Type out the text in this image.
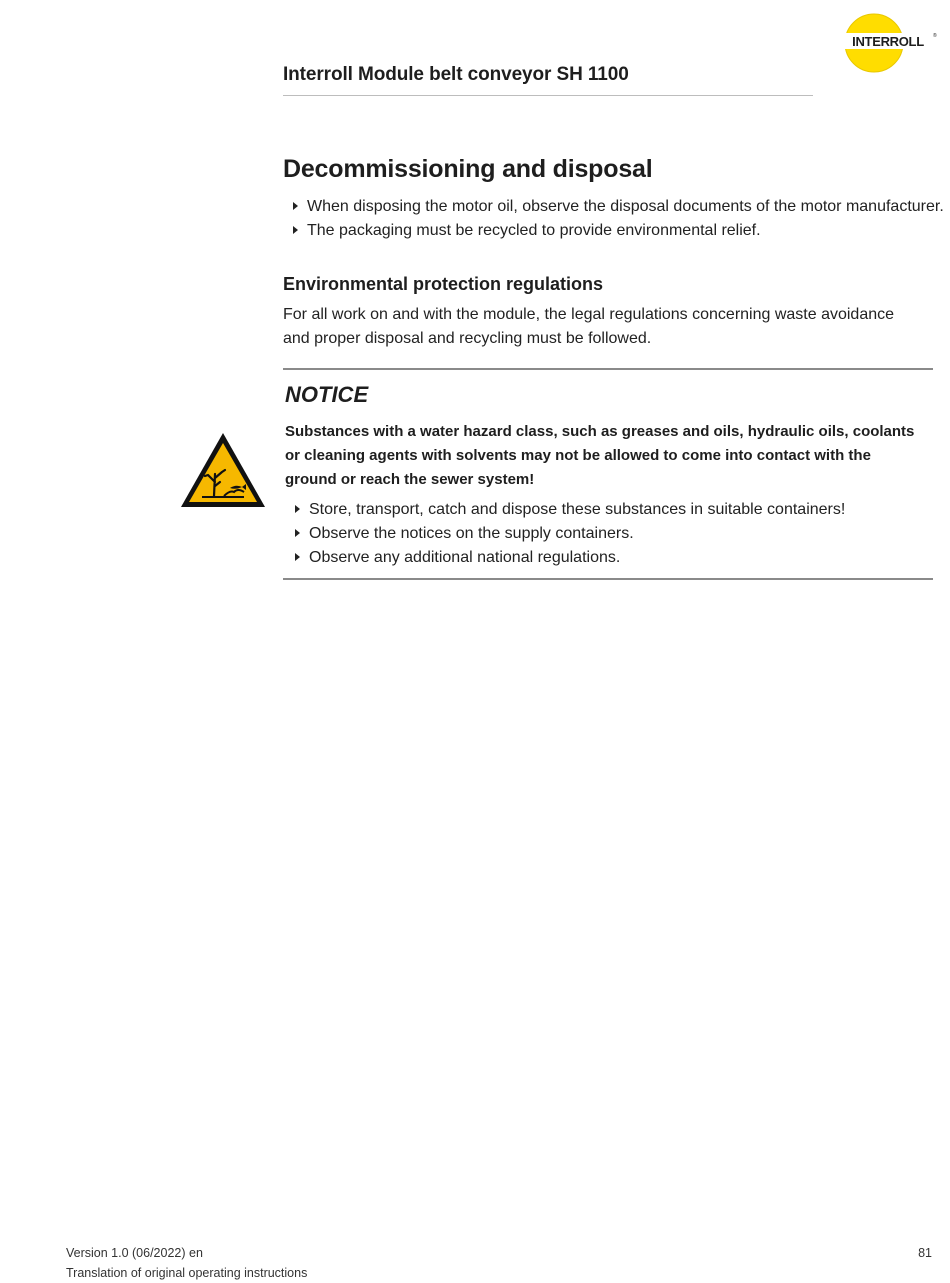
INTERROLL ®
Interroll Module belt conveyor SH 1100
Decommissioning and disposal
When disposing the motor oil, observe the disposal documents of the motor manufacturer.
The packaging must be recycled to provide environmental relief.
Environmental protection regulations
For all work on and with the module, the legal regulations concerning waste avoidance and proper disposal and recycling must be followed.
NOTICE
Substances with a water hazard class, such as greases and oils, hydraulic oils, coolants or cleaning agents with solvents may not be allowed to come into contact with the ground or reach the sewer system!
Store, transport, catch and dispose these substances in suitable containers!
Observe the notices on the supply containers.
Observe any additional national regulations.
Version 1.0 (06/2022) en
Translation of original operating instructions
81
